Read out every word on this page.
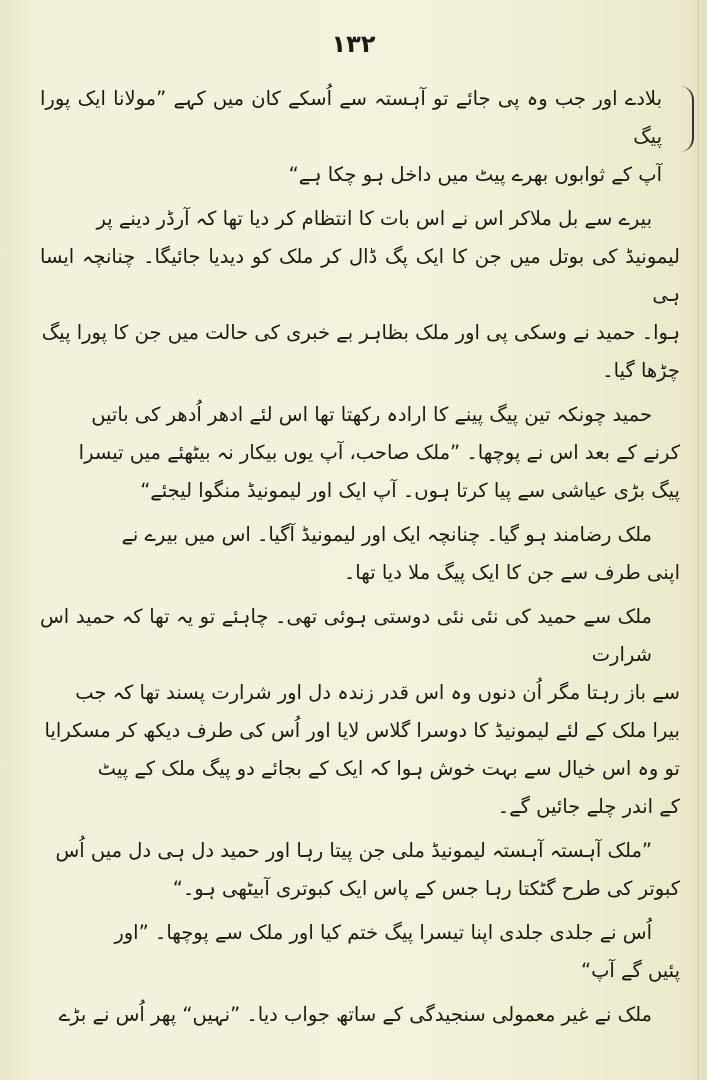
۱۳۲
بلادے اور جب وہ پی جائے تو آہستہ سے اُسکے کان میں کہے ”مولانا ایک پورا پیگ
آپ کے ثوابوں بھرے پیٹ میں داخل ہو چکا ہے“
بیرے سے بل ملاکر اس نے اس بات کا انتظام کر دیا تھا کہ آرڈر دینے پر
لیمونیڈ کی بوتل میں جن کا ایک پگ ڈال کر ملک کو دیدیا جائیگا۔ چنانچہ ایسا ہی
ہوا۔ حمید نے وسکی پی اور ملک بظاہر بے خبری کی حالت میں جن کا پورا پیگ
چڑھا گیا۔
حمید چونکہ تین پیگ پینے کا ارادہ رکھتا تھا اس لئے ادھر اُدھر کی باتیں
کرنے کے بعد اس نے پوچھا۔ ”ملک صاحب، آپ یوں بیکار نہ بیٹھئے میں تیسرا
پیگ بڑی عیاشی سے پیا کرتا ہوں۔ آپ ایک اور لیمونیڈ منگوا لیجئے“
ملک رضامند ہو گیا۔ چنانچہ ایک اور لیمونیڈ آگیا۔ اس میں بیرے نے
اپنی طرف سے جن کا ایک پیگ ملا دیا تھا۔
ملک سے حمید کی نئی نئی دوستی ہوئی تھی۔ چاہئے تو یہ تھا کہ حمید اس شرارت
سے باز رہتا مگر اُن دنوں وہ اس قدر زندہ دل اور شرارت پسند تھا کہ جب
بیرا ملک کے لئے لیمونیڈ کا دوسرا گلاس لایا اور اُس کی طرف دیکھ کر مسکرایا
تو وہ اس خیال سے بہت خوش ہوا کہ ایک کے بجائے دو پیگ ملک کے پیٹ
کے اندر چلے جائیں گے۔
”ملک آہستہ آہستہ لیمونیڈ ملی جن پیتا رہا اور حمید دل ہی دل میں اُس
کبوتر کی طرح گٹکتا رہا جس کے پاس ایک کبوتری آبیٹھی ہو۔“
اُس نے جلدی جلدی اپنا تیسرا پیگ ختم کیا اور ملک سے پوچھا۔ ”اور
پئیں گے آپ“
ملک نے غیر معمولی سنجیدگی کے ساتھ جواب دیا۔ ”نہیں“ پھر اُس نے بڑے
